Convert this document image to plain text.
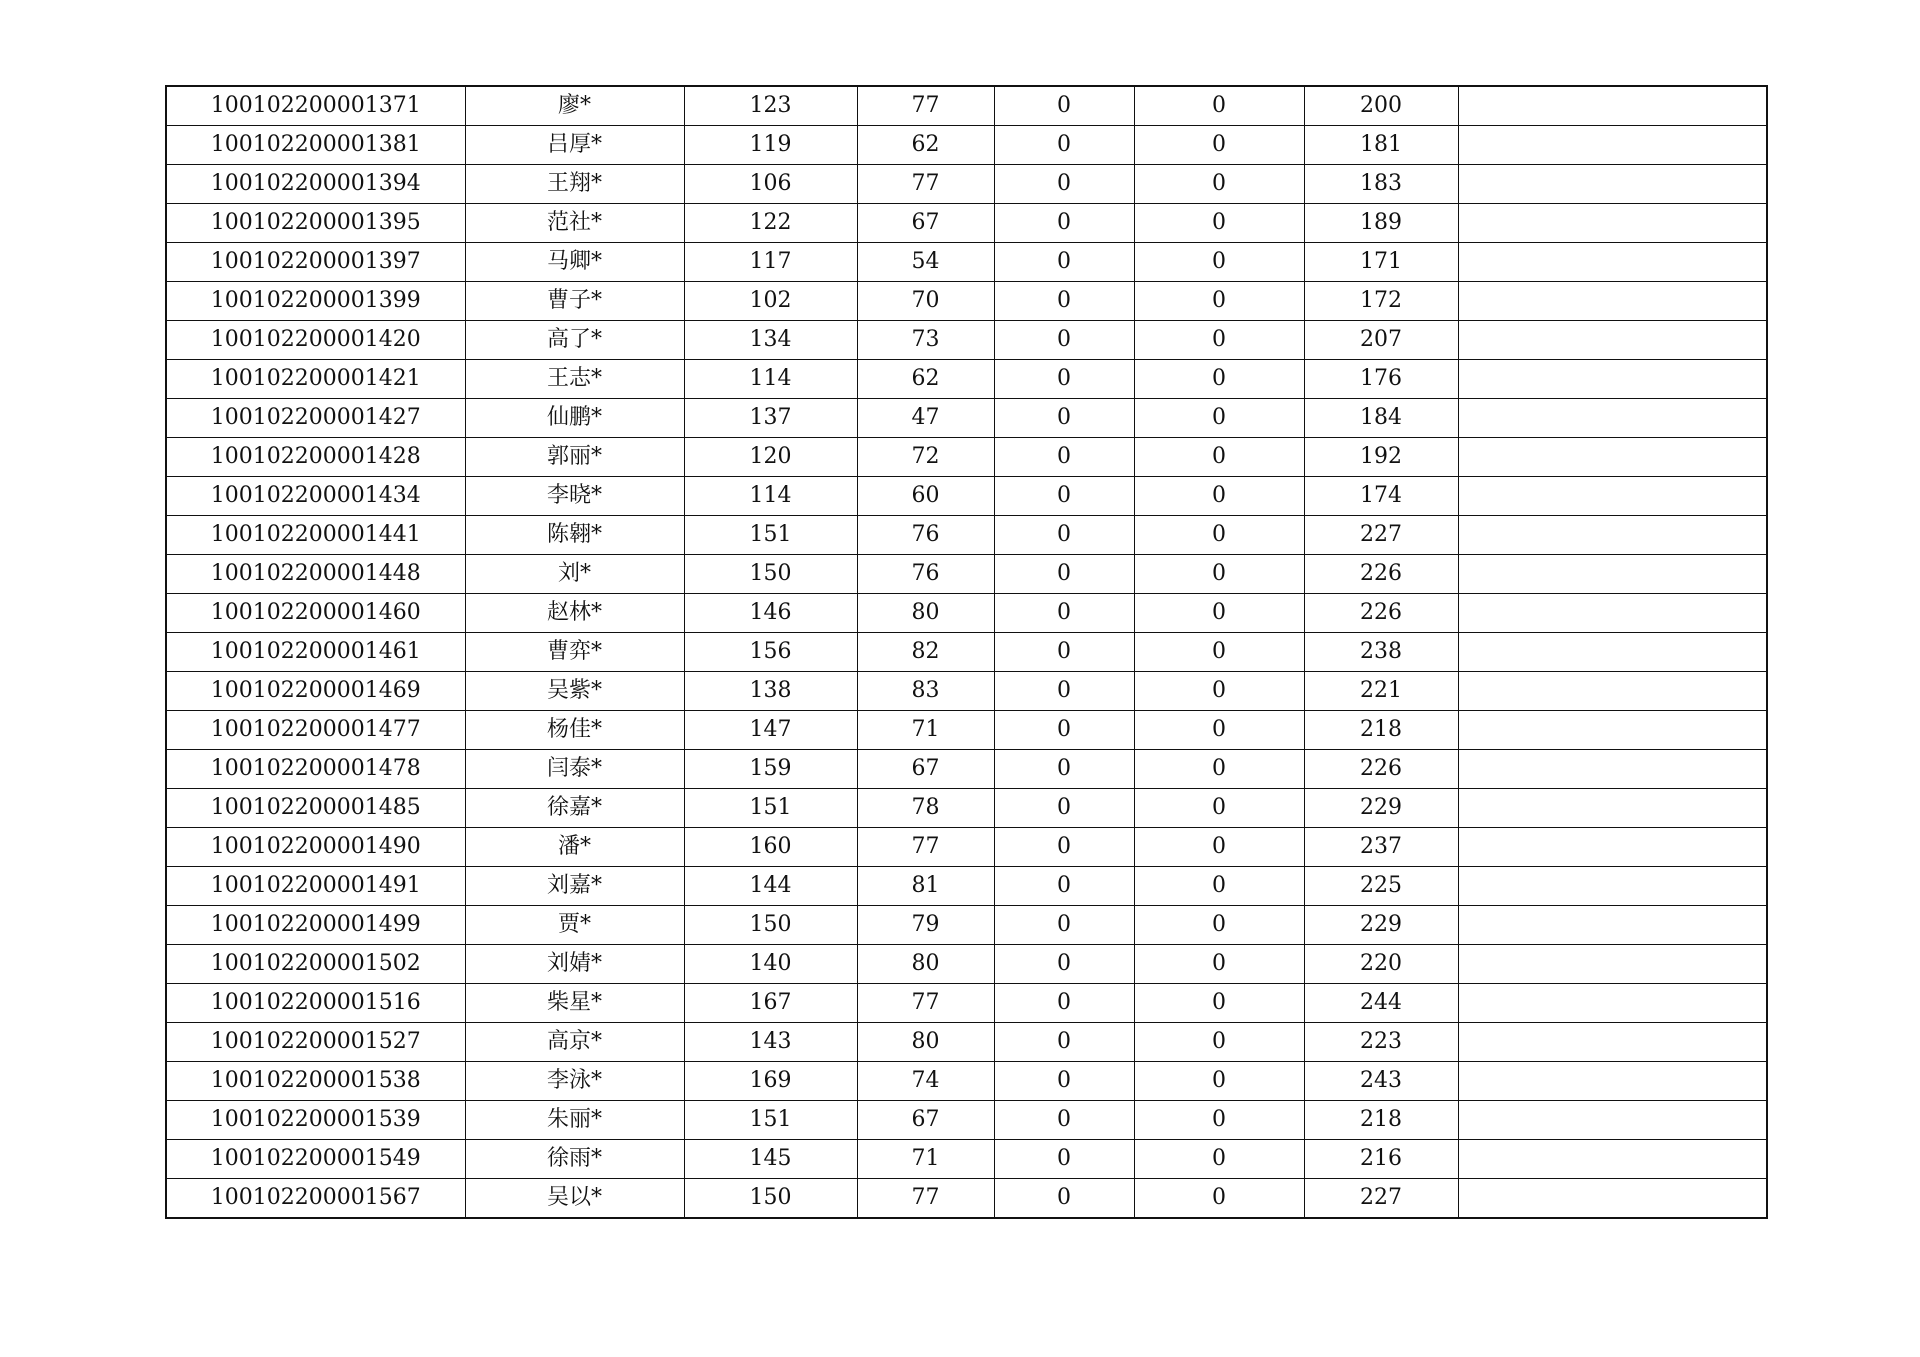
100102200001371	廖*	123	77	0	0	200	
100102200001381	吕厚*	119	62	0	0	181	
100102200001394	王翔*	106	77	0	0	183	
100102200001395	范社*	122	67	0	0	189	
100102200001397	马卿*	117	54	0	0	171	
100102200001399	曹子*	102	70	0	0	172	
100102200001420	高了*	134	73	0	0	207	
100102200001421	王志*	114	62	0	0	176	
100102200001427	仙鹏*	137	47	0	0	184	
100102200001428	郭丽*	120	72	0	0	192	
100102200001434	李晓*	114	60	0	0	174	
100102200001441	陈翱*	151	76	0	0	227	
100102200001448	刘*	150	76	0	0	226	
100102200001460	赵林*	146	80	0	0	226	
100102200001461	曹弈*	156	82	0	0	238	
100102200001469	吴紫*	138	83	0	0	221	
100102200001477	杨佳*	147	71	0	0	218	
100102200001478	闫泰*	159	67	0	0	226	
100102200001485	徐嘉*	151	78	0	0	229	
100102200001490	潘*	160	77	0	0	237	
100102200001491	刘嘉*	144	81	0	0	225	
100102200001499	贾*	150	79	0	0	229	
100102200001502	刘婧*	140	80	0	0	220	
100102200001516	柴星*	167	77	0	0	244	
100102200001527	高京*	143	80	0	0	223	
100102200001538	李泳*	169	74	0	0	243	
100102200001539	朱丽*	151	67	0	0	218	
100102200001549	徐雨*	145	71	0	0	216	
100102200001567	吴以*	150	77	0	0	227	
